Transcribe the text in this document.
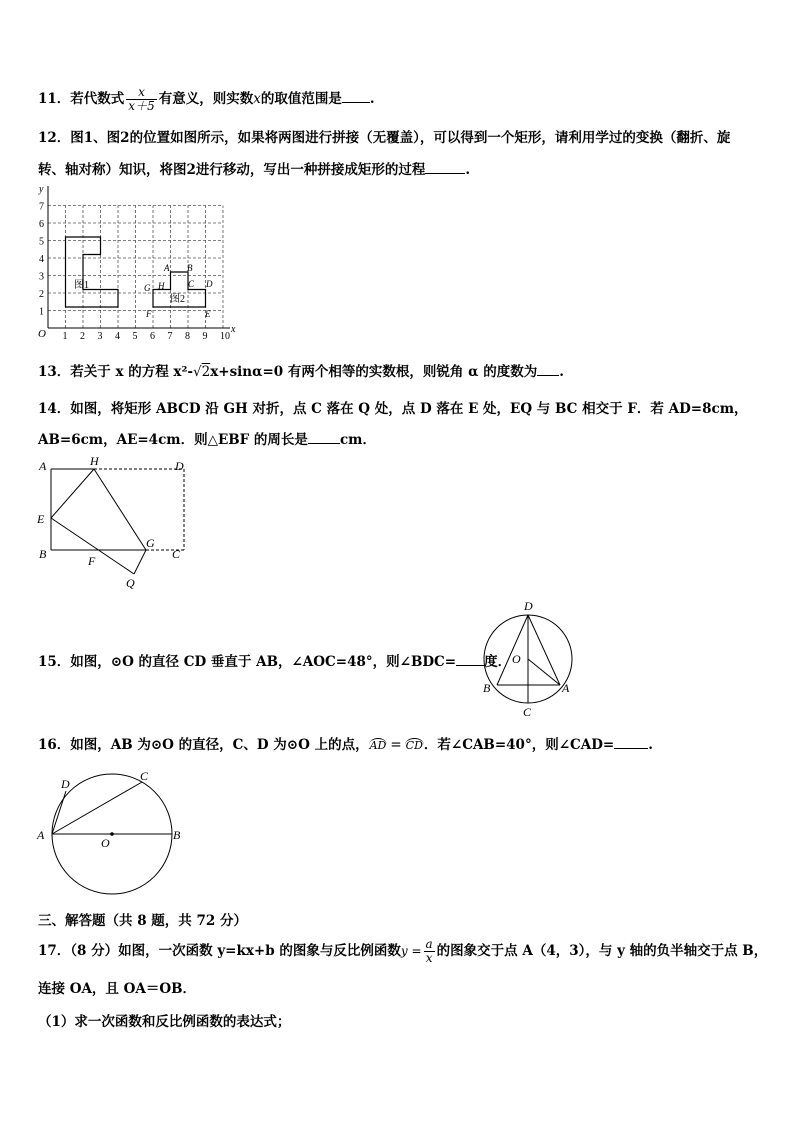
11．若代数式 $\frac{x}{x+5}$ 有意义，则实数x的取值范围是 .
12．图1、图2的位置如图所示，如果将两图进行拼接（无覆盖），可以得到一个矩形，请利用学过的变换（翻折、旋
转、轴对称）知识，将图2进行移动，写出一种拼接成矩形的过程	.
1 2 3 4 5 6 7 8 9 10
1
2
3
4
5
6
7
y
x
O
图1
图2
A B
C D
E
F
G H
13．若关于 x 的方程 x²-√2x+sinα=0 有两个相等的实数根，则锐角 α 的度数为 .
14．如图，将矩形 ABCD 沿 GH 对折，点 C 落在 Q 处，点 D 落在 E 处，EQ 与 BC 相交于 F．若 AD=8cm，
AB=6cm，AE=4cm．则△EBF 的周长是 cm．
A	H	D
E
G
B	C
F
Q
15．如图，⊙O 的直径 CD 垂直于 AB，∠AOC=48°，则∠BDC= 度．
D
O
B	A
C
16．如图，AB 为⊙O 的直径，C、D 为⊙O 上的点，AD = CD．若∠CAB=40°，则∠CAD=	.
D
C
A
O
B
三、解答题（共 8 题，共 72 分）
17．（8 分）如图，一次函数 y=kx+b 的图象与反比例函数$y = \frac{a}{x}$ 的图象交于点 A（4，3），与 y 轴的负半轴交于点 B，
连接 OA，且 OA＝OB．
（1）求一次函数和反比例函数的表达式；
